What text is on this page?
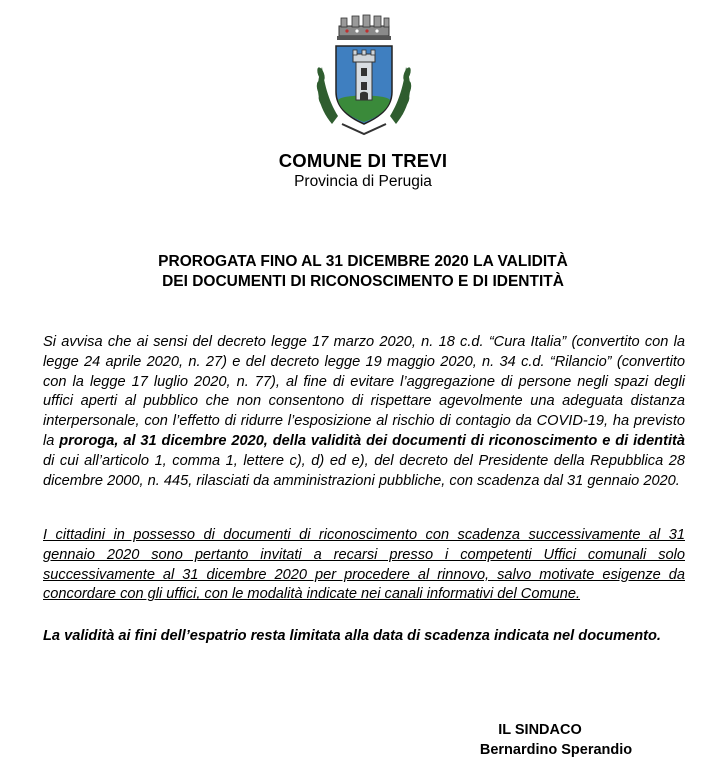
COMUNE DI TREVI
Provincia di Perugia
PROROGATA FINO AL 31 DICEMBRE 2020 LA VALIDITÀ
DEI DOCUMENTI DI RICONOSCIMENTO E DI IDENTITÀ
Si avvisa che ai sensi del decreto legge 17 marzo 2020, n. 18 c.d. “Cura Italia” (convertito con la legge 24 aprile 2020, n. 27) e del decreto legge 19 maggio 2020, n. 34 c.d. “Rilancio” (convertito con la legge 17 luglio 2020, n. 77), al fine di evitare l’aggregazione di persone negli spazi degli uffici aperti al pubblico che non consentono di rispettare agevolmente una adeguata distanza interpersonale, con l’effetto di ridurre l’esposizione al rischio di contagio da COVID-19, ha previsto la proroga, al 31 dicembre 2020, della validità dei documenti di riconoscimento e di identità di cui all’articolo 1, comma 1, lettere c), d) ed e), del decreto del Presidente della Repubblica 28 dicembre 2000, n. 445, rilasciati da amministrazioni pubbliche, con scadenza dal 31 gennaio 2020.
I cittadini in possesso di documenti di riconoscimento con scadenza successivamente al 31 gennaio 2020 sono pertanto invitati a recarsi presso i competenti Uffici comunali solo successivamente al 31 dicembre 2020 per procedere al rinnovo, salvo motivate esigenze da concordare con gli uffici, con le modalità indicate nei canali informativi del Comune.
La validità ai fini dell’espatrio resta limitata alla data di scadenza indicata nel documento.
IL SINDACO
Bernardino Sperandio
